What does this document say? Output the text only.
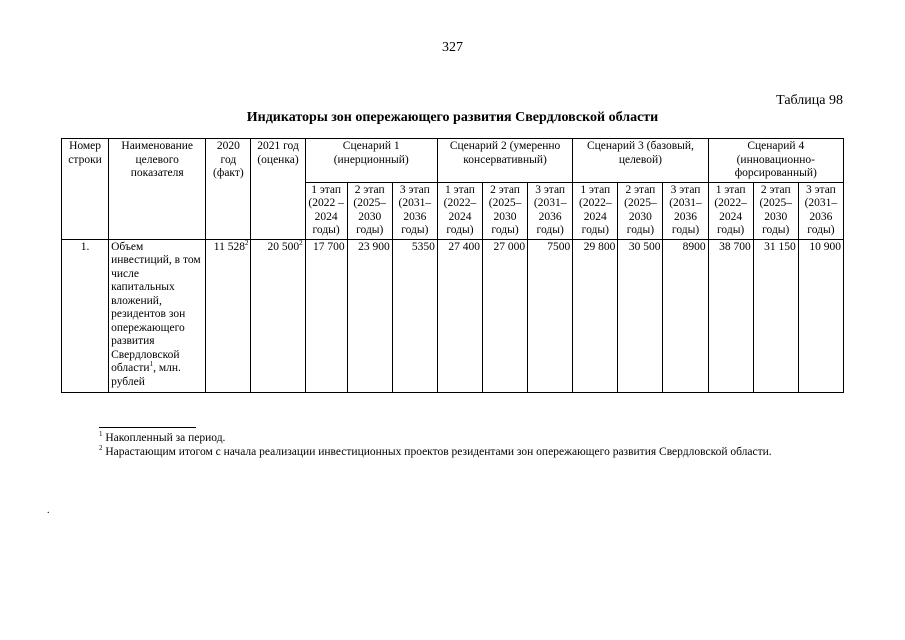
327
Таблица 98
Индикаторы зон опережающего развития Свердловской области
Номер строки	Наименование целевого показателя	2020 год (факт)	2021 год (оценка)	Сценарий 1 (инерционный)			Сценарий 2 (умеренно консервативный)			Сценарий 3 (базовый, целевой)			Сценарий 4 (инновационно-форсированный)		
				1 этап (2022 –2024 годы)	2 этап (2025–2030 годы)	3 этап (2031–2036 годы)	1 этап (2022–2024 годы)	2 этап (2025–2030 годы)	3 этап (2031–2036 годы)	1 этап (2022–2024 годы)	2 этап (2025–2030 годы)	3 этап (2031–2036 годы)	1 этап (2022–2024 годы)	2 этап (2025–2030 годы)	3 этап (2031–2036 годы)
1.	Объем инвестиций, в том числе капитальных вложений, резидентов зон опережающего развития Свердловской области$^1$, млн. рублей	11 $528^2$	20 $500^2$	17 700	23 900	5350	27 400	27 000	7500	29 800	30 500	8900	38 700	31 150	10 900
$^1$ Накопленный за период.
$^2$ Нарастающим итогом с начала реализации инвестиционных проектов резидентами зон опережающего развития Свердловской области.
.
